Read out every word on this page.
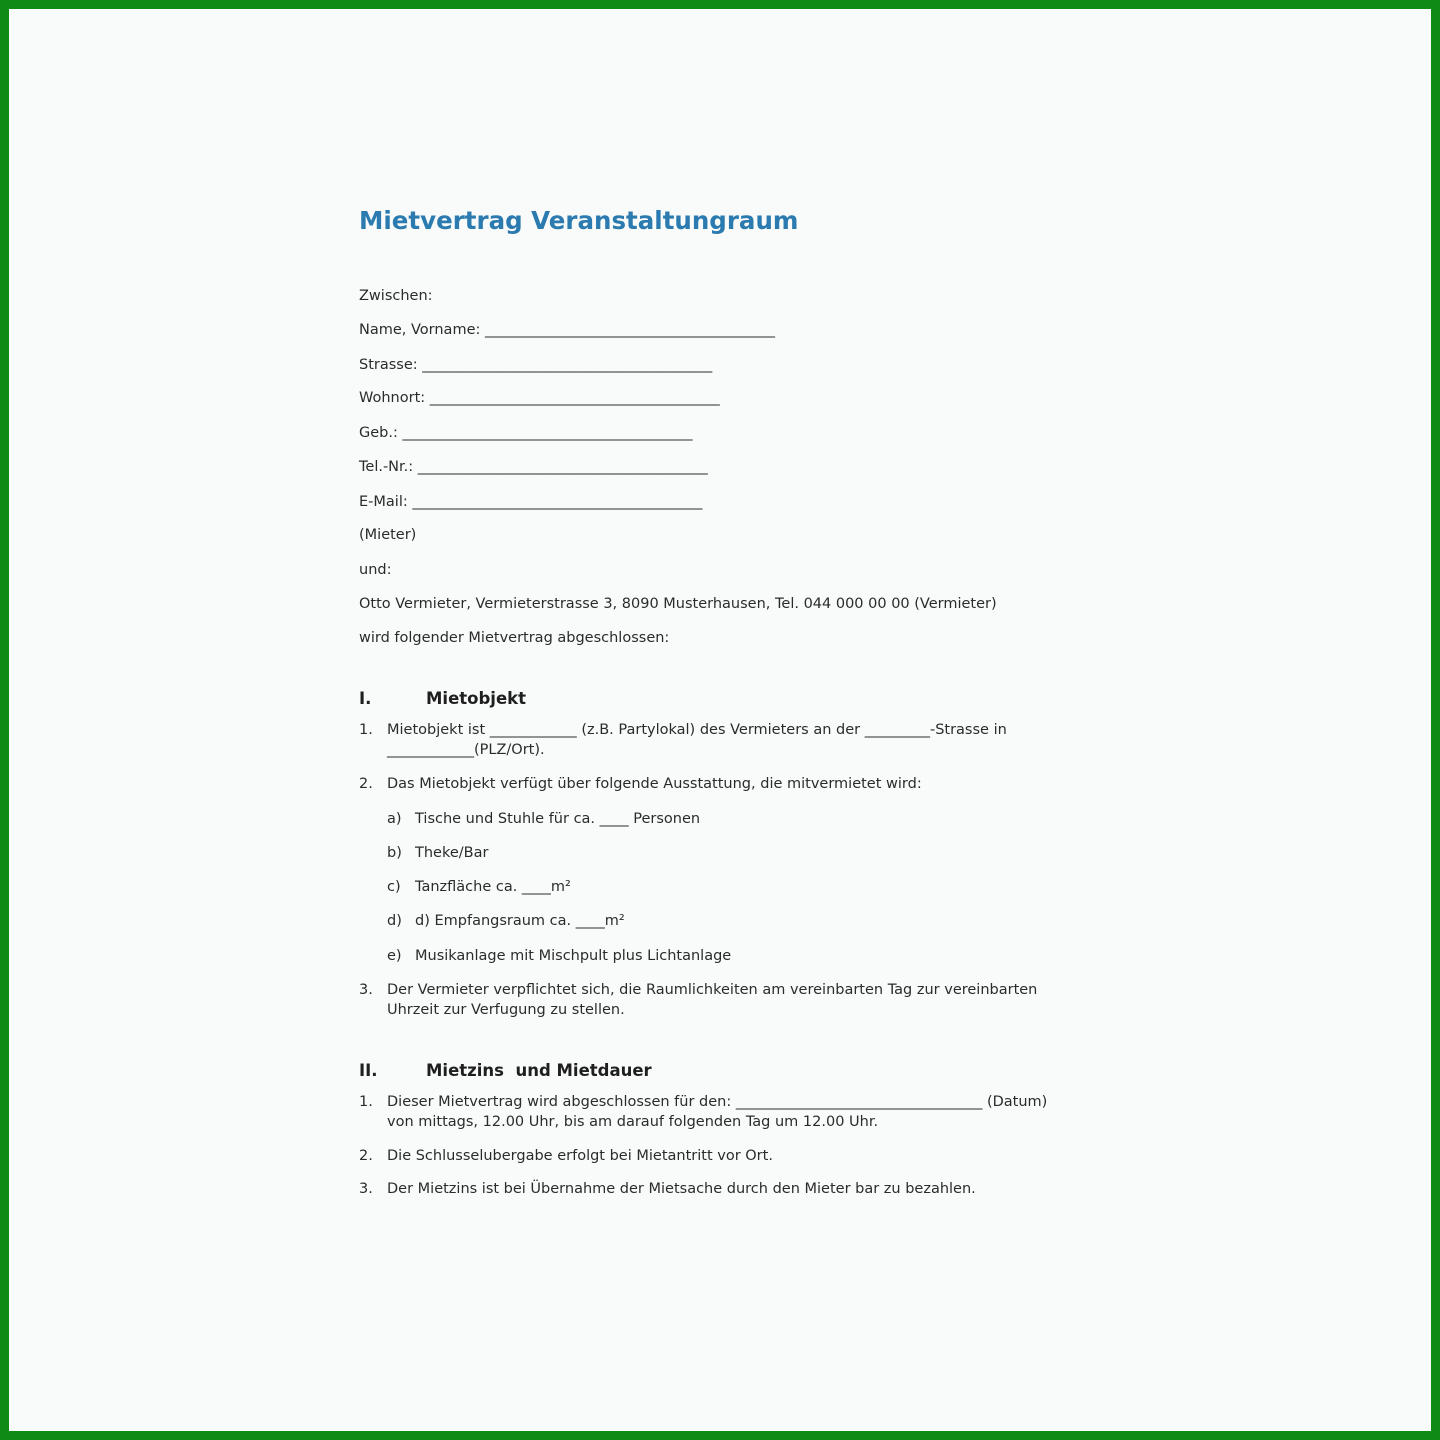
Mietvertrag Veranstaltungraum
Zwischen:
Name, Vorname: ________________________________________
Strasse: ________________________________________
Wohnort: ________________________________________
Geb.: ________________________________________
Tel.-Nr.: ________________________________________
E-Mail: ________________________________________
(Mieter)
und:
Otto Vermieter, Vermieterstrasse 3, 8090 Musterhausen, Tel. 044 000 00 00 (Vermieter)
wird folgender Mietvertrag abgeschlossen:
I.	Mietobjekt
1. Mietobjekt ist ____________ (z.B. Partylokal) des Vermieters an der _________-Strasse in ____________(PLZ/Ort).
2. Das Mietobjekt verfügt über folgende Ausstattung, die mitvermietet wird:
a) Tische und Stuhle für ca. ____ Personen
b) Theke/Bar
c) Tanzfläche ca. ____m²
d) d) Empfangsraum ca. ____m²
e) Musikanlage mit Mischpult plus Lichtanlage
3. Der Vermieter verpflichtet sich, die Raumlichkeiten am vereinbarten Tag zur vereinbarten Uhrzeit zur Verfugung zu stellen.
II.	Mietzins  und Mietdauer
1. Dieser Mietvertrag wird abgeschlossen für den: __________________________________ (Datum) von mittags, 12.00 Uhr, bis am darauf folgenden Tag um 12.00 Uhr.
2. Die Schlusselubergabe erfolgt bei Mietantritt vor Ort.
3. Der Mietzins ist bei Übernahme der Mietsache durch den Mieter bar zu bezahlen.
